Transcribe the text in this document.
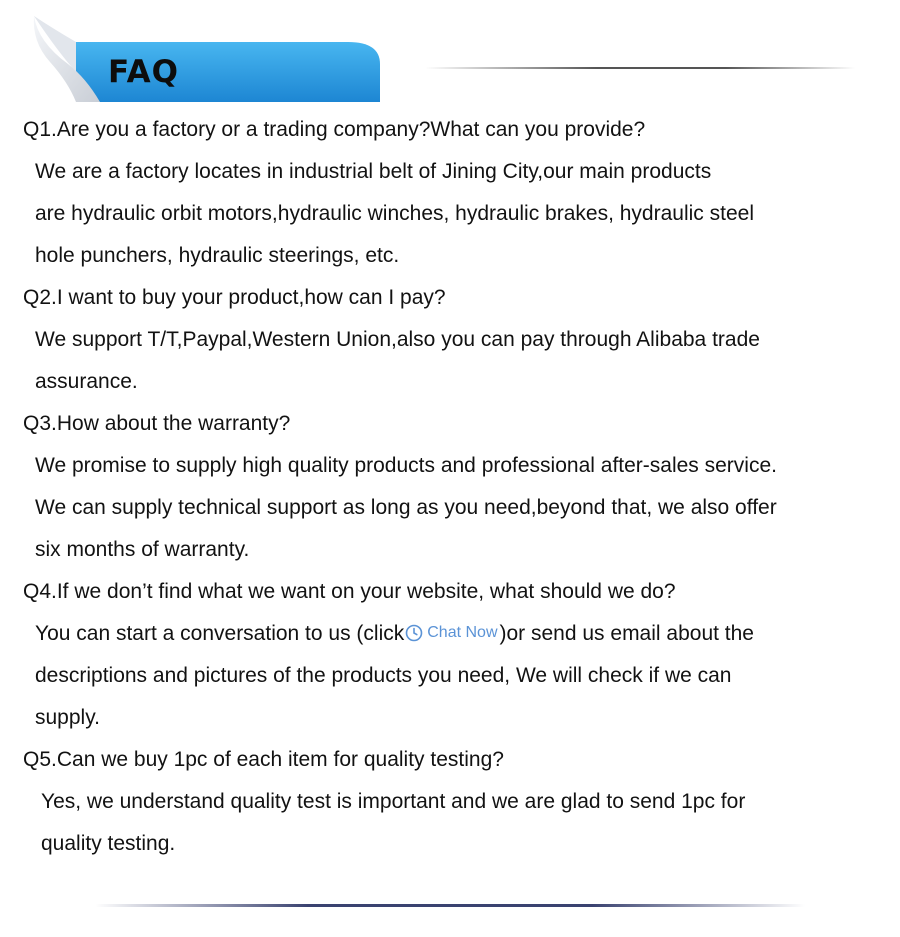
FAQ
Q1.Are you a factory or a trading company?What can you provide?
We are a factory locates in industrial belt of Jining City,our main products
are hydraulic orbit motors,hydraulic winches, hydraulic brakes, hydraulic steel
hole punchers, hydraulic steerings, etc.
Q2.I want to buy your product,how can I pay?
We support T/T,Paypal,Western Union,also you can pay through Alibaba trade
assurance.
Q3.How about the warranty?
We promise to supply high quality products and professional after-sales service.
We can supply technical support as long as you need,beyond that, we also offer
six months of warranty.
Q4.If we don’t find what we want on your website, what should we do?
You can start a conversation to us (click Chat Now )or send us email about the
descriptions and pictures of the products you need, We will check if we can
supply.
Q5.Can we buy 1pc of each item for quality testing?
Yes, we understand quality test is important and we are glad to send 1pc for
quality testing.
